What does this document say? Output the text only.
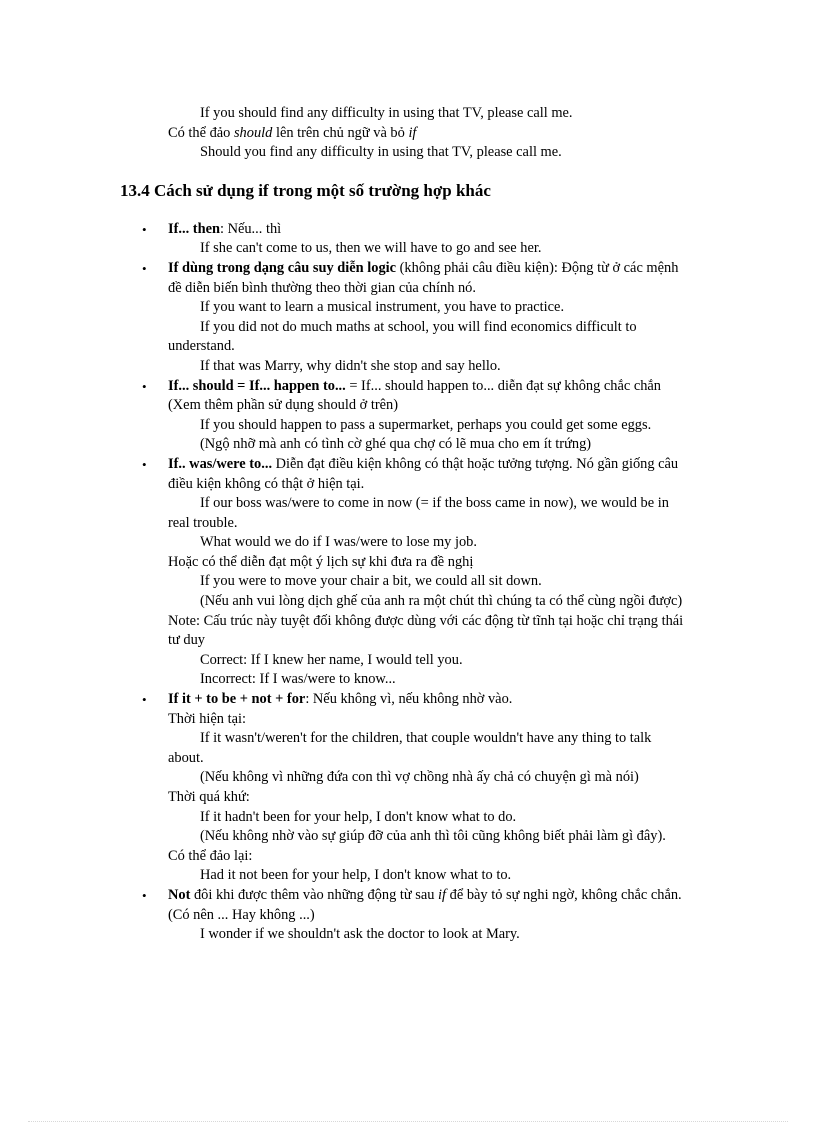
If you should find any difficulty in using that TV, please call me.
Có thể đảo should lên trên chủ ngữ và bỏ if
Should you find any difficulty in using that TV, please call me.
13.4 Cách sử dụng if trong một số trường hợp khác
• If... then: Nếu... thì
If she can't come to us, then we will have to go and see her.
• If dùng trong dạng câu suy diễn logic (không phải câu điều kiện): Động từ ở các mệnh đề diễn biến bình thường theo thời gian của chính nó.
If you want to learn a musical instrument, you have to practice.
If you did not do much maths at school, you will find economics difficult to understand.
If that was Marry, why didn't she stop and say hello.
• If... should = If... happen to... = If... should happen to... diễn đạt sự không chắc chắn (Xem thêm phần sử dụng should ở trên)
If you should happen to pass a supermarket, perhaps you could get some eggs.
(Ngộ nhỡ mà anh có tình cờ ghé qua chợ có lẽ mua cho em ít trứng)
• If.. was/were to... Diễn đạt điều kiện không có thật hoặc tưởng tượng. Nó gần giống câu điều kiện không có thật ở hiện tại.
If our boss was/were to come in now (= if the boss came in now), we would be in real trouble.
What would we do if I was/were to lose my job.
Hoặc có thể diễn đạt một ý lịch sự khi đưa ra đề nghị
If you were to move your chair a bit, we could all sit down.
(Nếu anh vui lòng dịch ghế của anh ra một chút thì chúng ta có thể cùng ngồi được)
Note: Cấu trúc này tuyệt đối không được dùng với các động từ tĩnh tại hoặc chỉ trạng thái tư duy
Correct: If I knew her name, I would tell you.
Incorrect: If I was/were to know...
• If it + to be + not + for: Nếu không vì, nếu không nhờ vào.
Thời hiện tại:
If it wasn't/weren't for the children, that couple wouldn't have any thing to talk about.
(Nếu không vì những đứa con thì vợ chồng nhà ấy chả có chuyện gì mà nói)
Thời quá khứ:
If it hadn't been for your help, I don't know what to do.
(Nếu không nhờ vào sự giúp đỡ của anh thì tôi cũng không biết phải làm gì đây).
Có thể đảo lại:
Had it not been for your help, I don't know what to to.
• Not đôi khi được thêm vào những động từ sau if để bày tỏ sự nghi ngờ, không chắc chắn. (Có nên ... Hay không ...)
I wonder if we shouldn't ask the doctor to look at Mary.
